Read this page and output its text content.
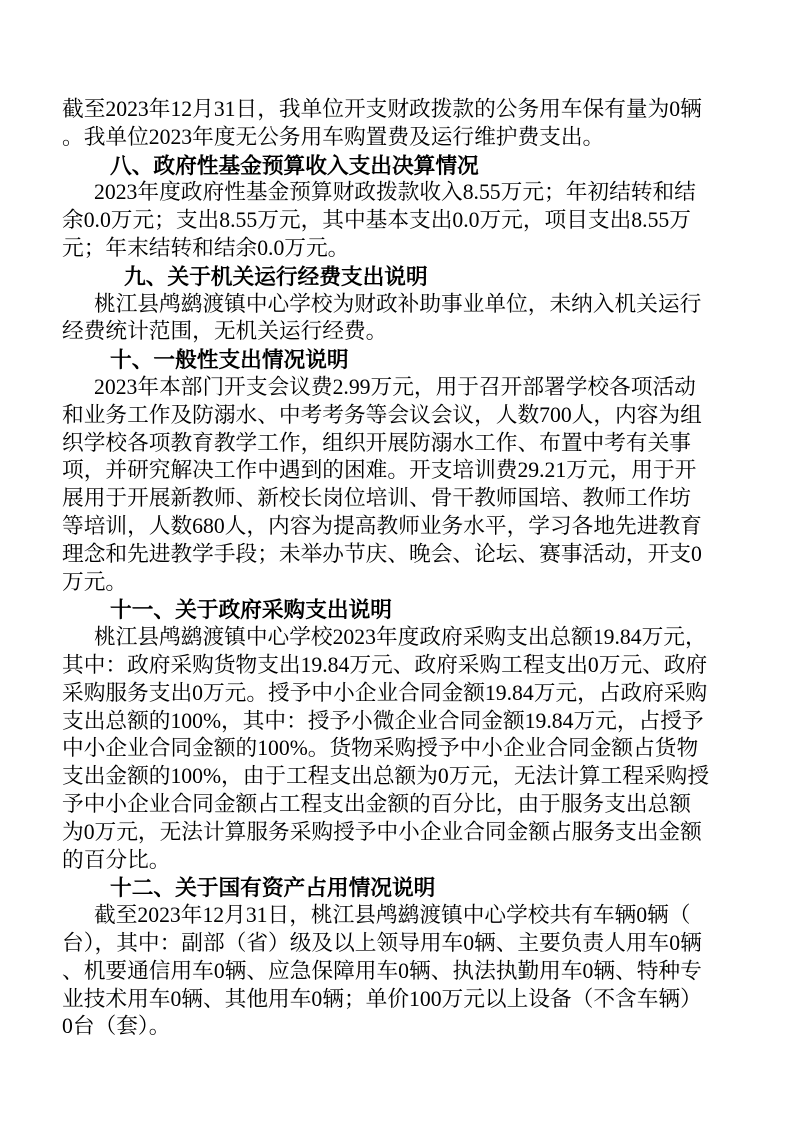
截至2023年12月31日，我单位开支财政拨款的公务用车保有量为0辆。我单位2023年度无公务用车购置费及运行维护费支出。

八、政府性基金预算收入支出决算情况

2023年度政府性基金预算财政拨款收入8.55万元；年初结转和结余0.0万元；支出8.55万元，其中基本支出0.0万元，项目支出8.55万元；年末结转和结余0.0万元。

九、关于机关运行经费支出说明

桃江县鸬鹚渡镇中心学校为财政补助事业单位，未纳入机关运行经费统计范围，无机关运行经费。

十、一般性支出情况说明

2023年本部门开支会议费2.99万元，用于召开部署学校各项活动和业务工作及防溺水、中考考务等会议会议，人数700人，内容为组织学校各项教育教学工作，组织开展防溺水工作、布置中考有关事项，并研究解决工作中遇到的困难。开支培训费29.21万元，用于开展用于开展新教师、新校长岗位培训、骨干教师国培、教师工作坊等培训，人数680人，内容为提高教师业务水平，学习各地先进教育理念和先进教学手段；未举办节庆、晚会、论坛、赛事活动，开支0万元。

十一、关于政府采购支出说明

桃江县鸬鹚渡镇中心学校2023年度政府采购支出总额19.84万元，其中：政府采购货物支出19.84万元、政府采购工程支出0万元、政府采购服务支出0万元。授予中小企业合同金额19.84万元，占政府采购支出总额的100%，其中：授予小微企业合同金额19.84万元，占授予中小企业合同金额的100%。货物采购授予中小企业合同金额占货物支出金额的100%，由于工程支出总额为0万元，无法计算工程采购授予中小企业合同金额占工程支出金额的百分比，由于服务支出总额为0万元，无法计算服务采购授予中小企业合同金额占服务支出金额的百分比。

十二、关于国有资产占用情况说明

截至2023年12月31日，桃江县鸬鹚渡镇中心学校共有车辆0辆（台），其中：副部（省）级及以上领导用车0辆、主要负责人用车0辆、机要通信用车0辆、应急保障用车0辆、执法执勤用车0辆、特种专业技术用车0辆、其他用车0辆；单价100万元以上设备（不含车辆）0台（套）。
